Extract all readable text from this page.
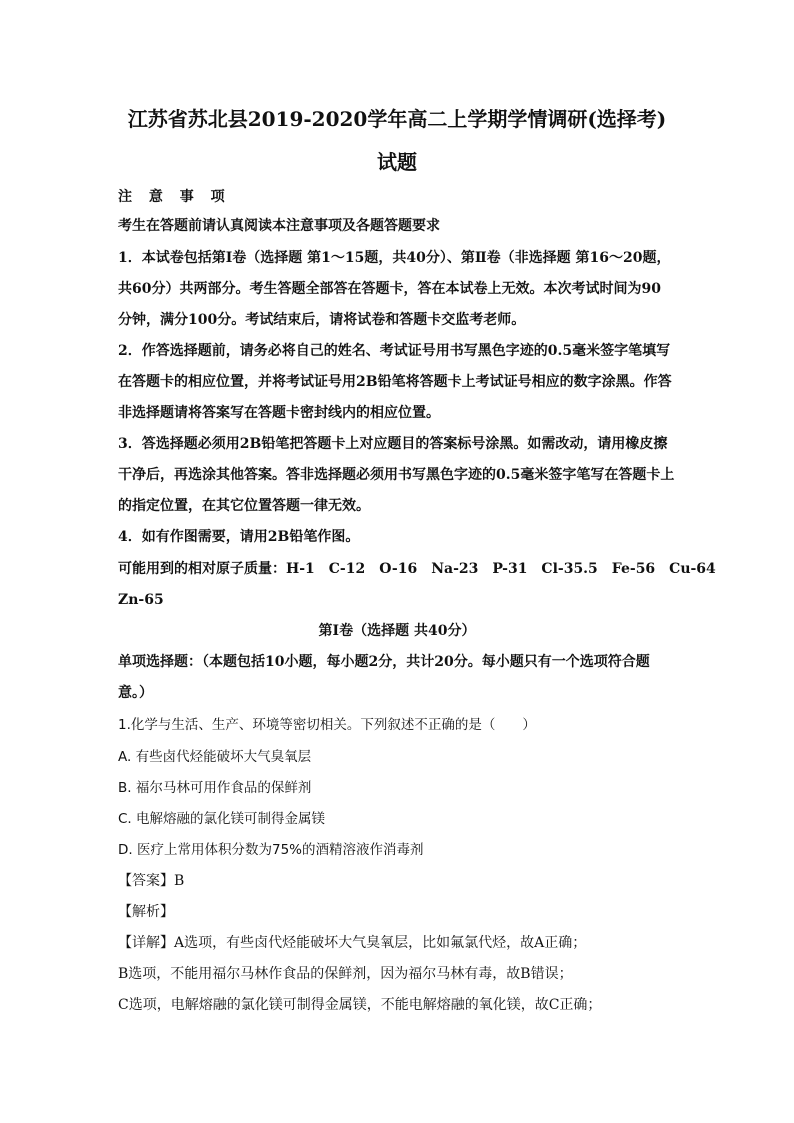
江苏省苏北县2019-2020学年高二上学期学情调研(选择考)
试题
注 意 事 项
考生在答题前请认真阅读本注意事项及各题答题要求
1．本试卷包括第Ⅰ卷（选择题 第1～15题，共40分）、第Ⅱ卷（非选择题 第16～20题，
共60分）共两部分。考生答题全部答在答题卡，答在本试卷上无效。本次考试时间为90
分钟，满分100分。考试结束后，请将试卷和答题卡交监考老师。
2．作答选择题前，请务必将自己的姓名、考试证号用书写黑色字迹的0.5毫米签字笔填写
在答题卡的相应位置，并将考试证号用2B铅笔将答题卡上考试证号相应的数字涂黑。作答
非选择题请将答案写在答题卡密封线内的相应位置。
3．答选择题必须用2B铅笔把答题卡上对应题目的答案标号涂黑。如需改动，请用橡皮擦
干净后，再选涂其他答案。答非选择题必须用书写黑色字迹的0.5毫米签字笔写在答题卡上
的指定位置，在其它位置答题一律无效。
4．如有作图需要，请用2B铅笔作图。
可能用到的相对原子质量：H-1　C-12　O-16　Na-23　P-31　Cl-35.5　Fe-56　Cu-64
Zn-65
第Ⅰ卷（选择题 共40分）
单项选择题：（本题包括10小题，每小题2分，共计20分。每小题只有一个选项符合题
意。）
1.化学与生活、生产、环境等密切相关。下列叙述不正确的是（　　）
A. 有些卤代烃能破坏大气臭氧层
B. 福尔马林可用作食品的保鲜剂
C. 电解熔融的氯化镁可制得金属镁
D. 医疗上常用体积分数为75%的酒精溶液作消毒剂
【答案】B
【解析】
【详解】A选项，有些卤代烃能破坏大气臭氧层，比如氟氯代烃，故A正确；
B选项，不能用福尔马林作食品的保鲜剂，因为福尔马林有毒，故B错误；
C选项，电解熔融的氯化镁可制得金属镁，不能电解熔融的氧化镁，故C正确；
